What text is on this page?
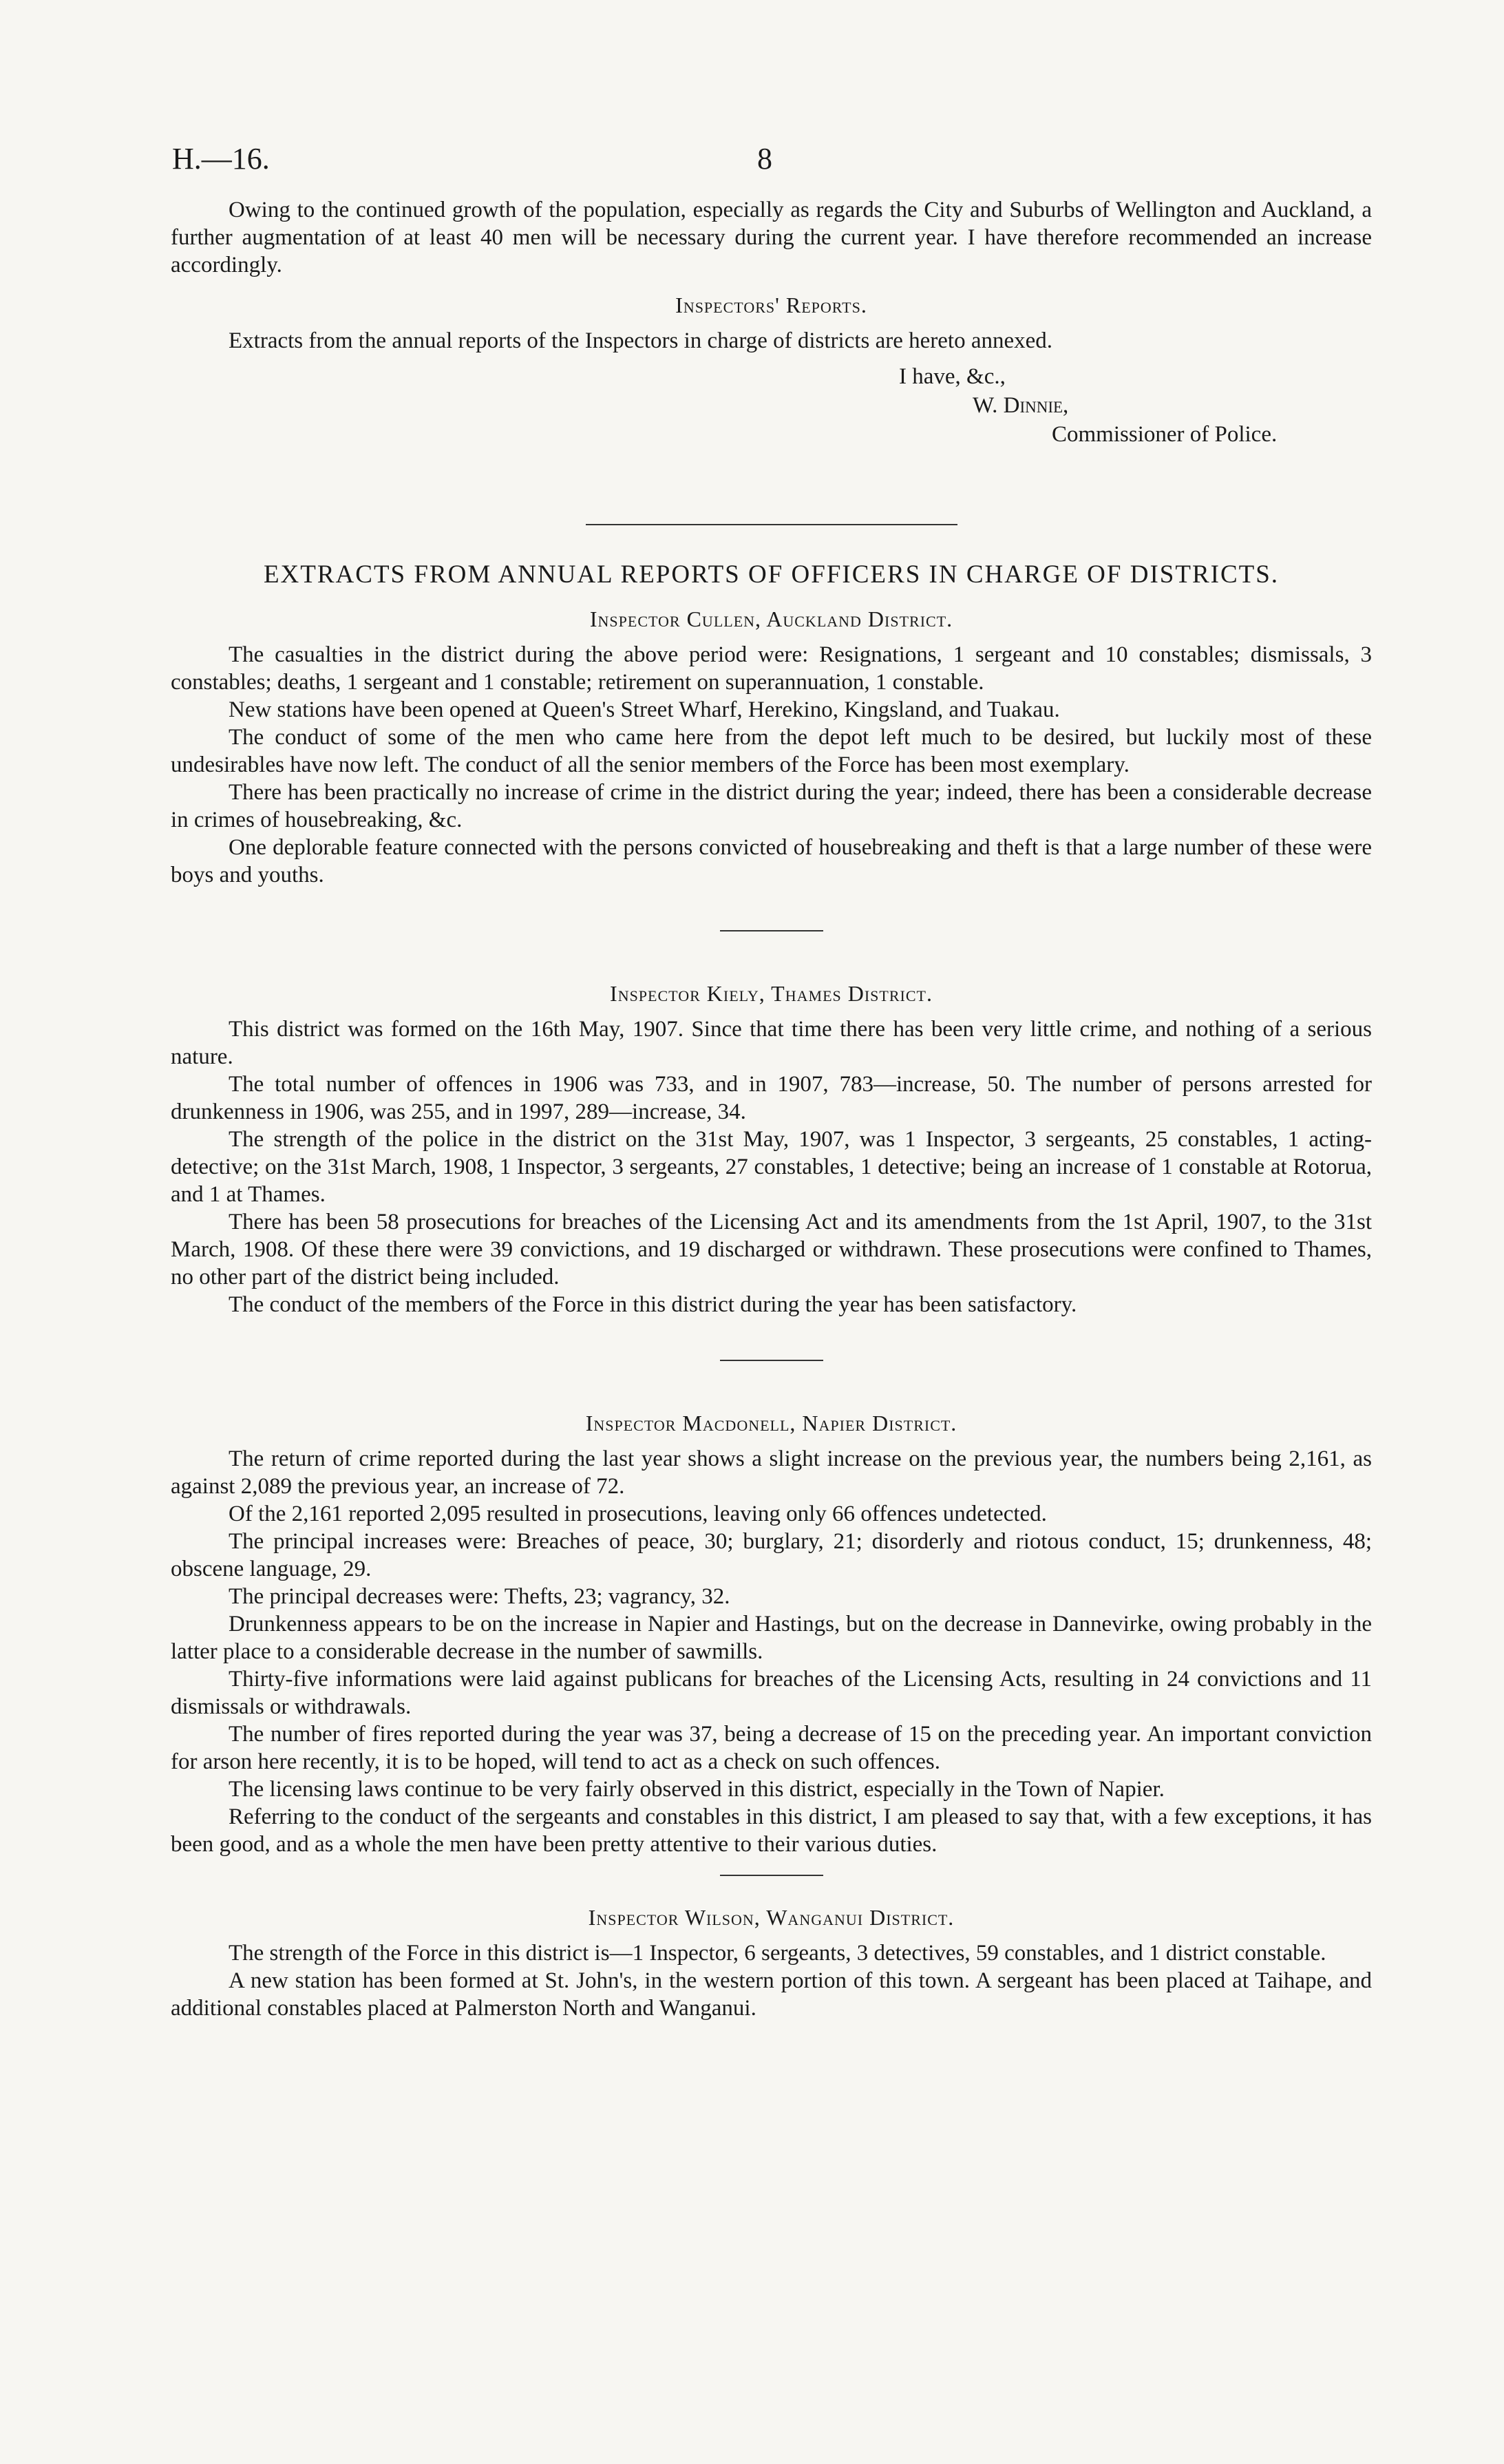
H.—16.	8

Owing to the continued growth of the population, especially as regards the City and Suburbs of Wellington and Auckland, a further augmentation of at least 40 men will be necessary during the current year. I have therefore recommended an increase accordingly.

Inspectors' Reports.

Extracts from the annual reports of the Inspectors in charge of districts are hereto annexed.

I have, &c.,
W. Dinnie,
Commissioner of Police.
EXTRACTS FROM ANNUAL REPORTS OF OFFICERS IN CHARGE OF DISTRICTS.
Inspector Cullen, Auckland District.

The casualties in the district during the above period were: Resignations, 1 sergeant and 10 constables; dismissals, 3 constables; deaths, 1 sergeant and 1 constable; retirement on superannuation, 1 constable.

New stations have been opened at Queen's Street Wharf, Herekino, Kingsland, and Tuakau.

The conduct of some of the men who came here from the depot left much to be desired, but luckily most of these undesirables have now left. The conduct of all the senior members of the Force has been most exemplary.

There has been practically no increase of crime in the district during the year; indeed, there has been a considerable decrease in crimes of housebreaking, &c.

One deplorable feature connected with the persons convicted of housebreaking and theft is that a large number of these were boys and youths.

Inspector Kiely, Thames District.

This district was formed on the 16th May, 1907. Since that time there has been very little crime, and nothing of a serious nature.

The total number of offences in 1906 was 733, and in 1907, 783—increase, 50. The number of persons arrested for drunkenness in 1906, was 255, and in 1997, 289—increase, 34.

The strength of the police in the district on the 31st May, 1907, was 1 Inspector, 3 sergeants, 25 constables, 1 acting-detective; on the 31st March, 1908, 1 Inspector, 3 sergeants, 27 constables, 1 detective; being an increase of 1 constable at Rotorua, and 1 at Thames.

There has been 58 prosecutions for breaches of the Licensing Act and its amendments from the 1st April, 1907, to the 31st March, 1908. Of these there were 39 convictions, and 19 discharged or withdrawn. These prosecutions were confined to Thames, no other part of the district being included.

The conduct of the members of the Force in this district during the year has been satisfactory.

Inspector Macdonell, Napier District.

The return of crime reported during the last year shows a slight increase on the previous year, the numbers being 2,161, as against 2,089 the previous year, an increase of 72.

Of the 2,161 reported 2,095 resulted in prosecutions, leaving only 66 offences undetected.

The principal increases were: Breaches of peace, 30; burglary, 21; disorderly and riotous conduct, 15; drunkenness, 48; obscene language, 29.

The principal decreases were: Thefts, 23; vagrancy, 32.

Drunkenness appears to be on the increase in Napier and Hastings, but on the decrease in Dannevirke, owing probably in the latter place to a considerable decrease in the number of sawmills.

Thirty-five informations were laid against publicans for breaches of the Licensing Acts, resulting in 24 convictions and 11 dismissals or withdrawals.

The number of fires reported during the year was 37, being a decrease of 15 on the preceding year. An important conviction for arson here recently, it is to be hoped, will tend to act as a check on such offences.

The licensing laws continue to be very fairly observed in this district, especially in the Town of Napier.

Referring to the conduct of the sergeants and constables in this district, I am pleased to say that, with a few exceptions, it has been good, and as a whole the men have been pretty attentive to their various duties.

Inspector Wilson, Wanganui District.

The strength of the Force in this district is—1 Inspector, 6 sergeants, 3 detectives, 59 constables, and 1 district constable.

A new station has been formed at St. John's, in the western portion of this town. A sergeant has been placed at Taihape, and additional constables placed at Palmerston North and Wanganui.
